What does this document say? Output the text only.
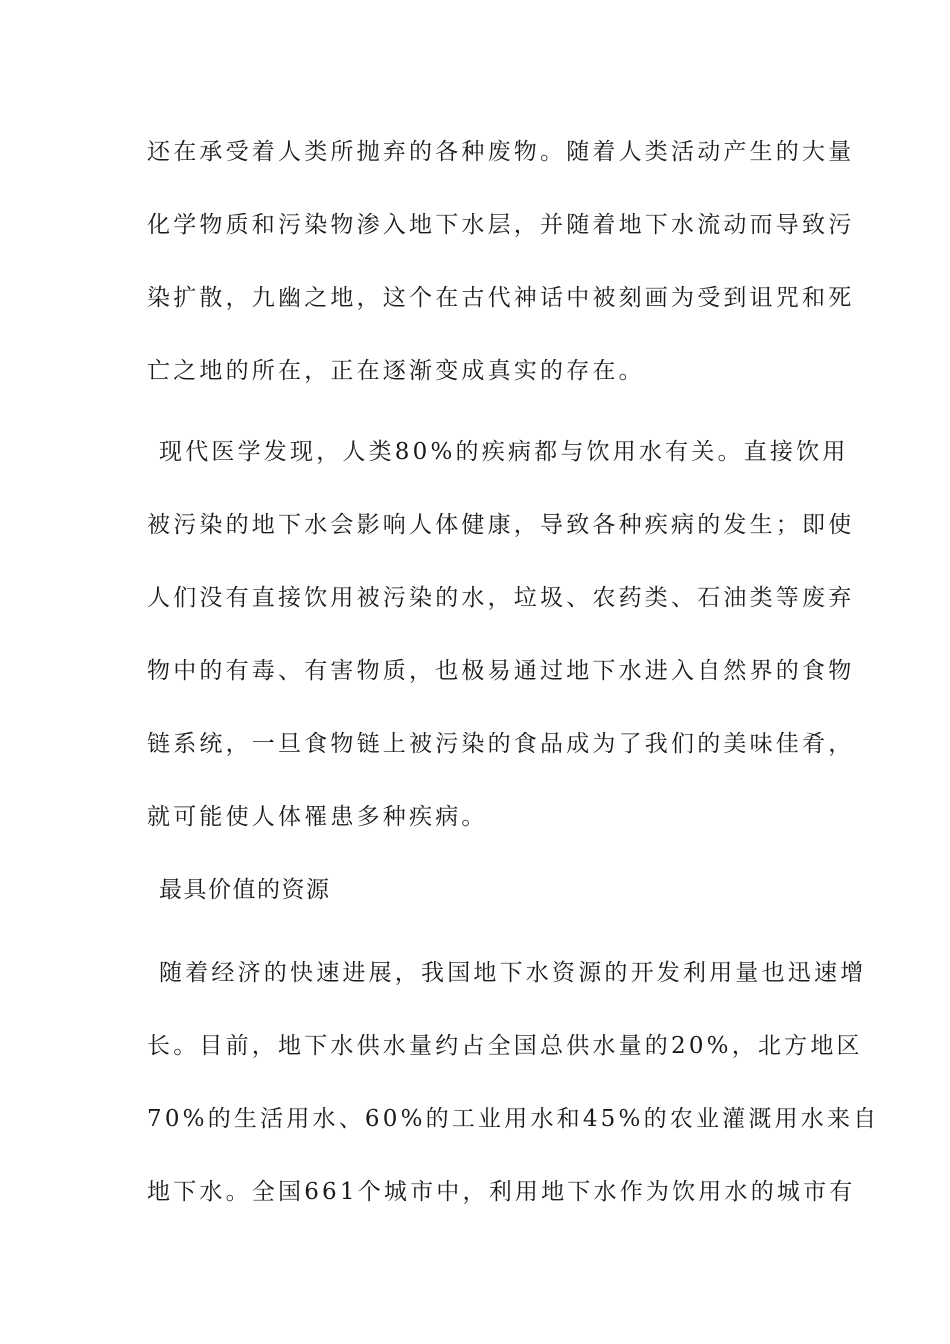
还在承受着人类所抛弃的各种废物。随着人类活动产生的大量
化学物质和污染物渗入地下水层，并随着地下水流动而导致污
染扩散，九幽之地，这个在古代神话中被刻画为受到诅咒和死
亡之地的所在，正在逐渐变成真实的存在。
现代医学发现，人类80%的疾病都与饮用水有关。直接饮用
被污染的地下水会影响人体健康，导致各种疾病的发生；即使
人们没有直接饮用被污染的水，垃圾、农药类、石油类等废弃
物中的有毒、有害物质，也极易通过地下水进入自然界的食物
链系统，一旦食物链上被污染的食品成为了我们的美味佳肴，
就可能使人体罹患多种疾病。
最具价值的资源
随着经济的快速进展，我国地下水资源的开发利用量也迅速增
长。目前，地下水供水量约占全国总供水量的20%，北方地区
70%的生活用水、60%的工业用水和45%的农业灌溉用水来自
地下水。全国661个城市中，利用地下水作为饮用水的城市有
